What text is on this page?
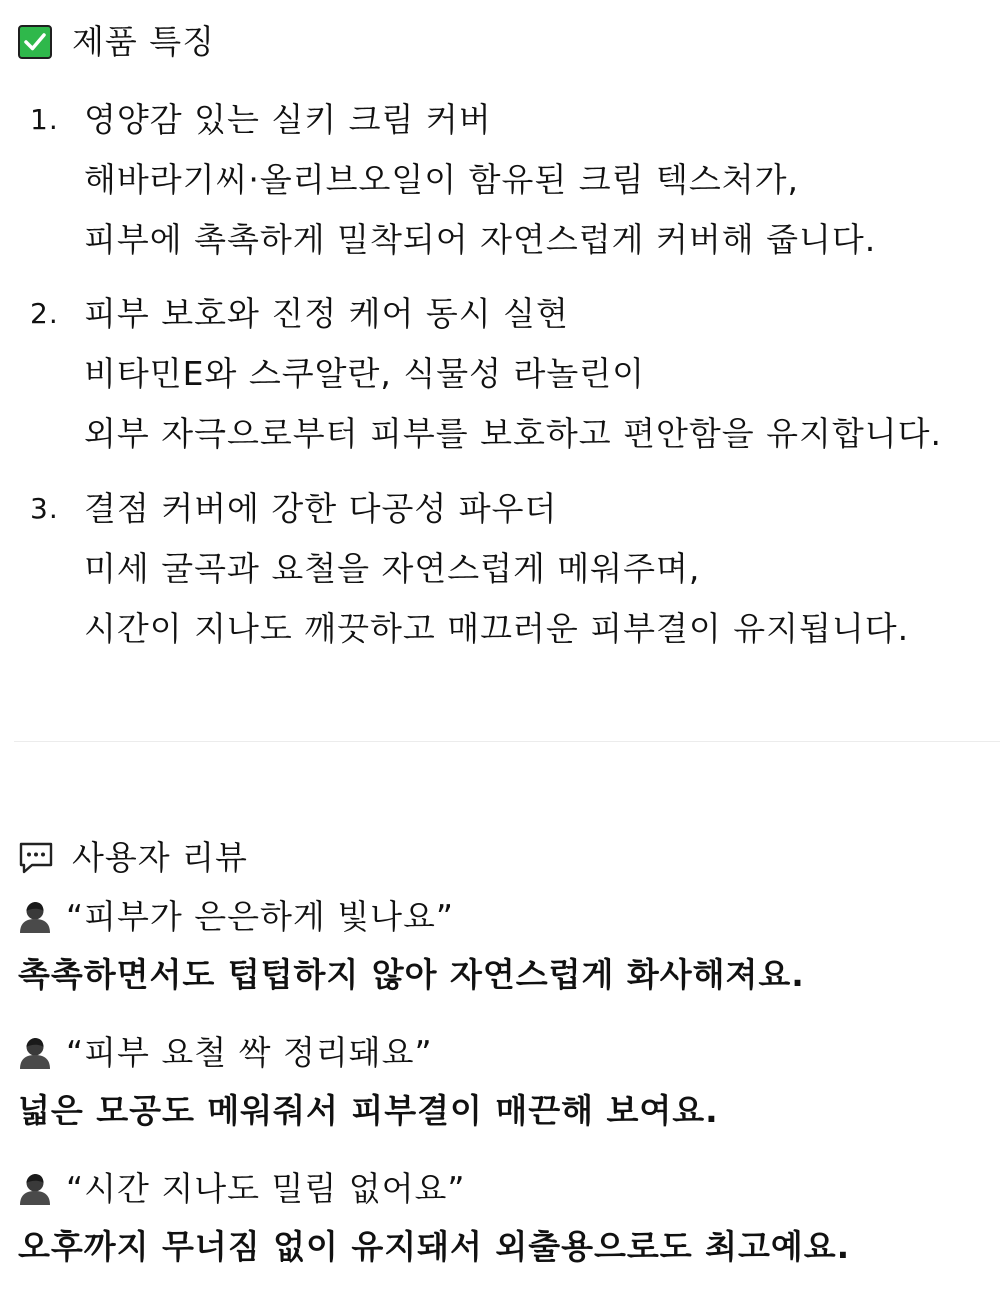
제품 특징
1. 영양감 있는 실키 크림 커버
해바라기씨·올리브오일이 함유된 크림 텍스처가,
피부에 촉촉하게 밀착되어 자연스럽게 커버해 줍니다.
2. 피부 보호와 진정 케어 동시 실현
비타민E와 스쿠알란, 식물성 라놀린이
외부 자극으로부터 피부를 보호하고 편안함을 유지합니다.
3. 결점 커버에 강한 다공성 파우더
미세 굴곡과 요철을 자연스럽게 메워주며,
시간이 지나도 깨끗하고 매끄러운 피부결이 유지됩니다.
사용자 리뷰
“피부가 은은하게 빛나요”
촉촉하면서도 텁텁하지 않아 자연스럽게 화사해져요.
“피부 요철 싹 정리돼요”
넓은 모공도 메워줘서 피부결이 매끈해 보여요.
“시간 지나도 밀림 없어요”
오후까지 무너짐 없이 유지돼서 외출용으로도 최고예요.
